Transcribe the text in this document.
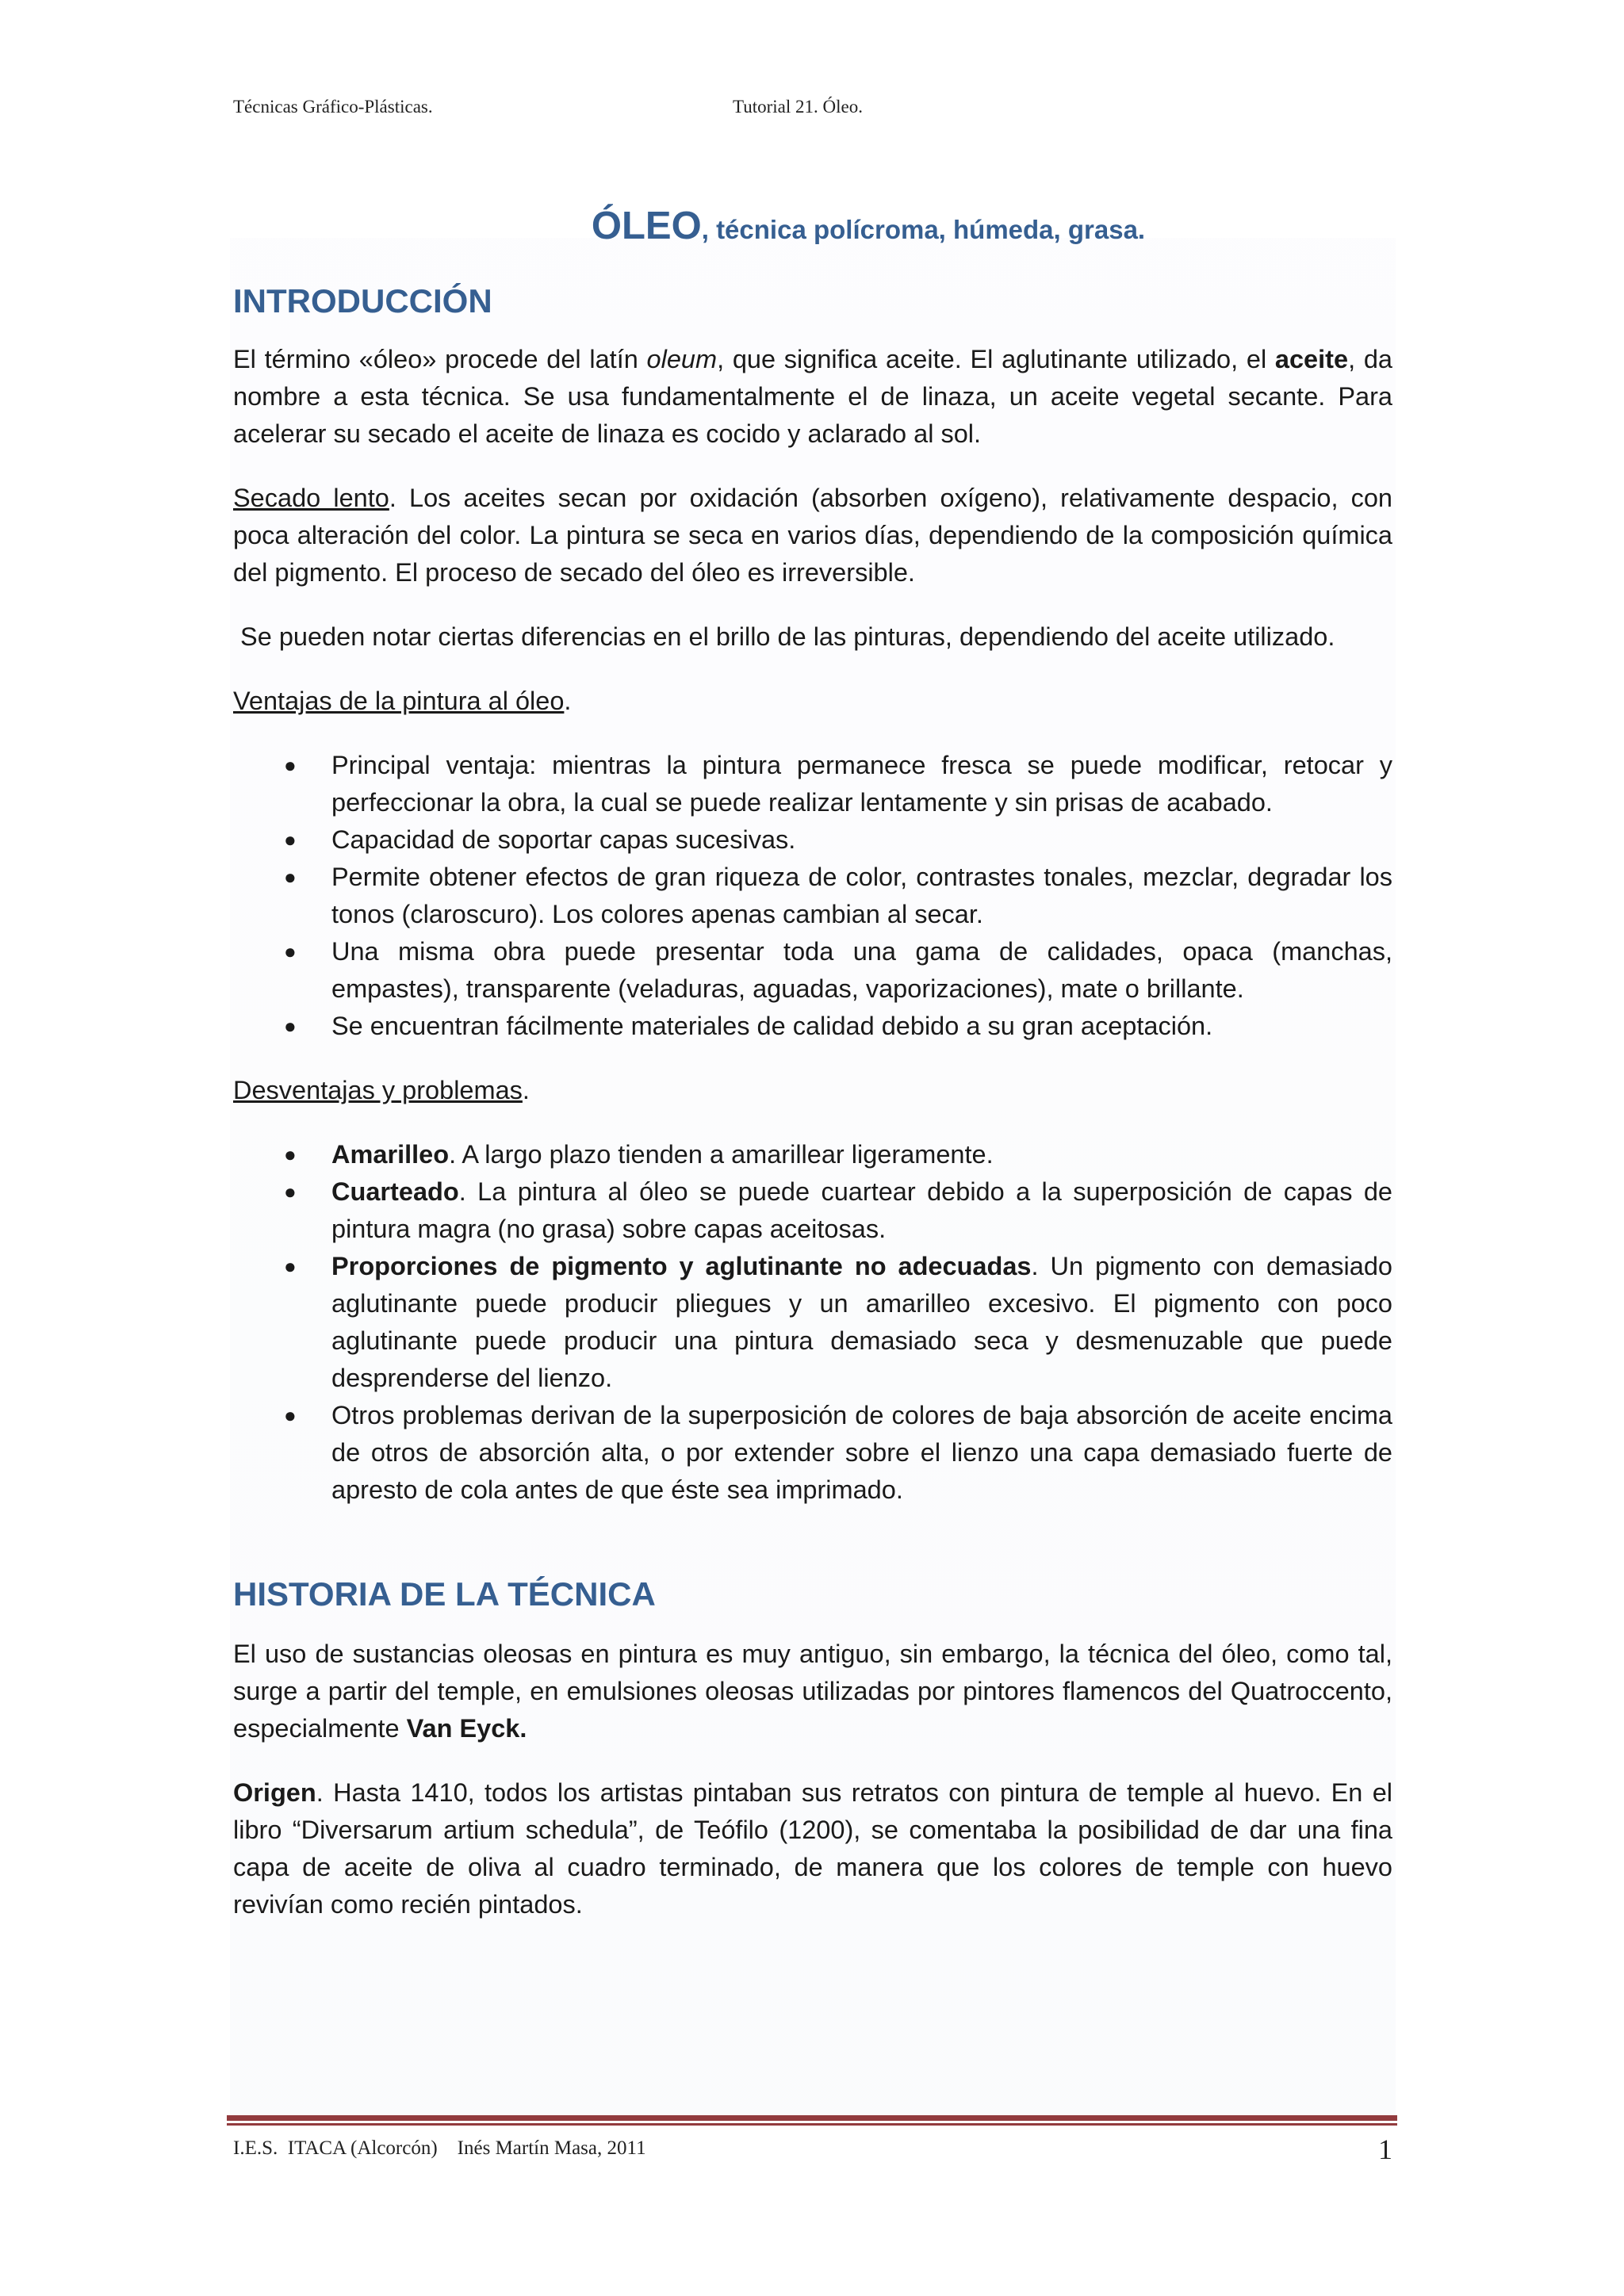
Técnicas Gráfico-Plásticas.	Tutorial 21. Óleo.
ÓLEO, técnica polícroma, húmeda, grasa.
INTRODUCCIÓN

El término «óleo» procede del latín oleum, que significa aceite. El aglutinante utilizado, el aceite, da nombre a esta técnica. Se usa fundamentalmente el de linaza, un aceite vegetal secante. Para acelerar su secado el aceite de linaza es cocido y aclarado al sol.

Secado lento. Los aceites secan por oxidación (absorben oxígeno), relativamente despacio, con poca alteración del color. La pintura se seca en varios días, dependiendo de la composición química del pigmento. El proceso de secado del óleo es irreversible.

Se pueden notar ciertas diferencias en el brillo de las pinturas, dependiendo del aceite utilizado.

Ventajas de la pintura al óleo.

● Principal ventaja: mientras la pintura permanece fresca se puede modificar, retocar y perfeccionar la obra, la cual se puede realizar lentamente y sin prisas de acabado.
● Capacidad de soportar capas sucesivas.
● Permite obtener efectos de gran riqueza de color, contrastes tonales, mezclar, degradar los tonos (claroscuro). Los colores apenas cambian al secar.
● Una misma obra puede presentar toda una gama de calidades, opaca (manchas, empastes), transparente (veladuras, aguadas, vaporizaciones), mate o brillante.
● Se encuentran fácilmente materiales de calidad debido a su gran aceptación.

Desventajas y problemas.

● Amarilleo. A largo plazo tienden a amarillear ligeramente.
● Cuarteado. La pintura al óleo se puede cuartear debido a la superposición de capas de pintura magra (no grasa) sobre capas aceitosas.
● Proporciones de pigmento y aglutinante no adecuadas. Un pigmento con demasiado aglutinante puede producir pliegues y un amarilleo excesivo. El pigmento con poco aglutinante puede producir una pintura demasiado seca y desmenuzable que puede desprenderse del lienzo.
● Otros problemas derivan de la superposición de colores de baja absorción de aceite encima de otros de absorción alta, o por extender sobre el lienzo una capa demasiado fuerte de apresto de cola antes de que éste sea imprimado.
HISTORIA DE LA TÉCNICA

El uso de sustancias oleosas en pintura es muy antiguo, sin embargo, la técnica del óleo, como tal, surge a partir del temple, en emulsiones oleosas utilizadas por pintores flamencos del Quatroccento, especialmente Van Eyck.

Origen. Hasta 1410, todos los artistas pintaban sus retratos con pintura de temple al huevo. En el libro “Diversarum artium schedula”, de Teófilo (1200), se comentaba la posibilidad de dar una fina capa de aceite de oliva al cuadro terminado, de manera que los colores de temple con huevo revivían como recién pintados.

I.E.S.  ITACA (Alcorcón)    Inés Martín Masa, 2011	1
